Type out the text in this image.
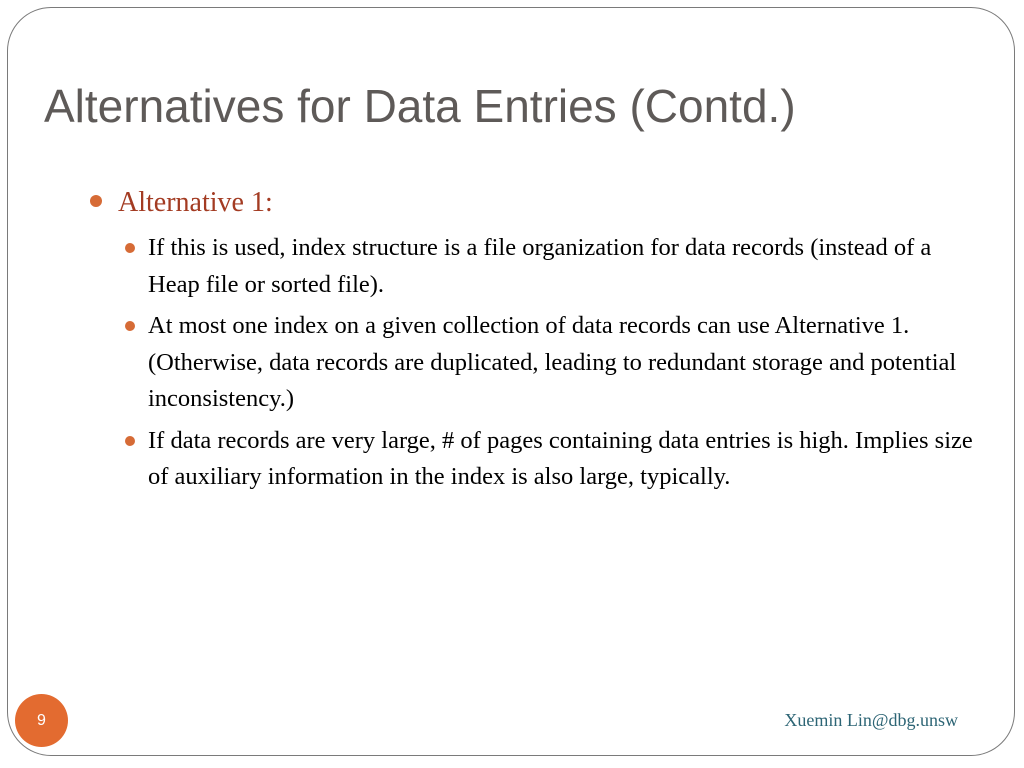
Alternatives for Data Entries (Contd.)
Alternative 1:
If this is used, index structure is a file organization for data records (instead of a Heap file or sorted file).
At most one index on a given collection of data records can use Alternative 1. (Otherwise, data records are duplicated, leading to redundant storage and potential inconsistency.)
If data records are very large, # of pages containing data entries is high. Implies size of auxiliary information in the index is also large, typically.
9	Xuemin Lin@dbg.unsw
